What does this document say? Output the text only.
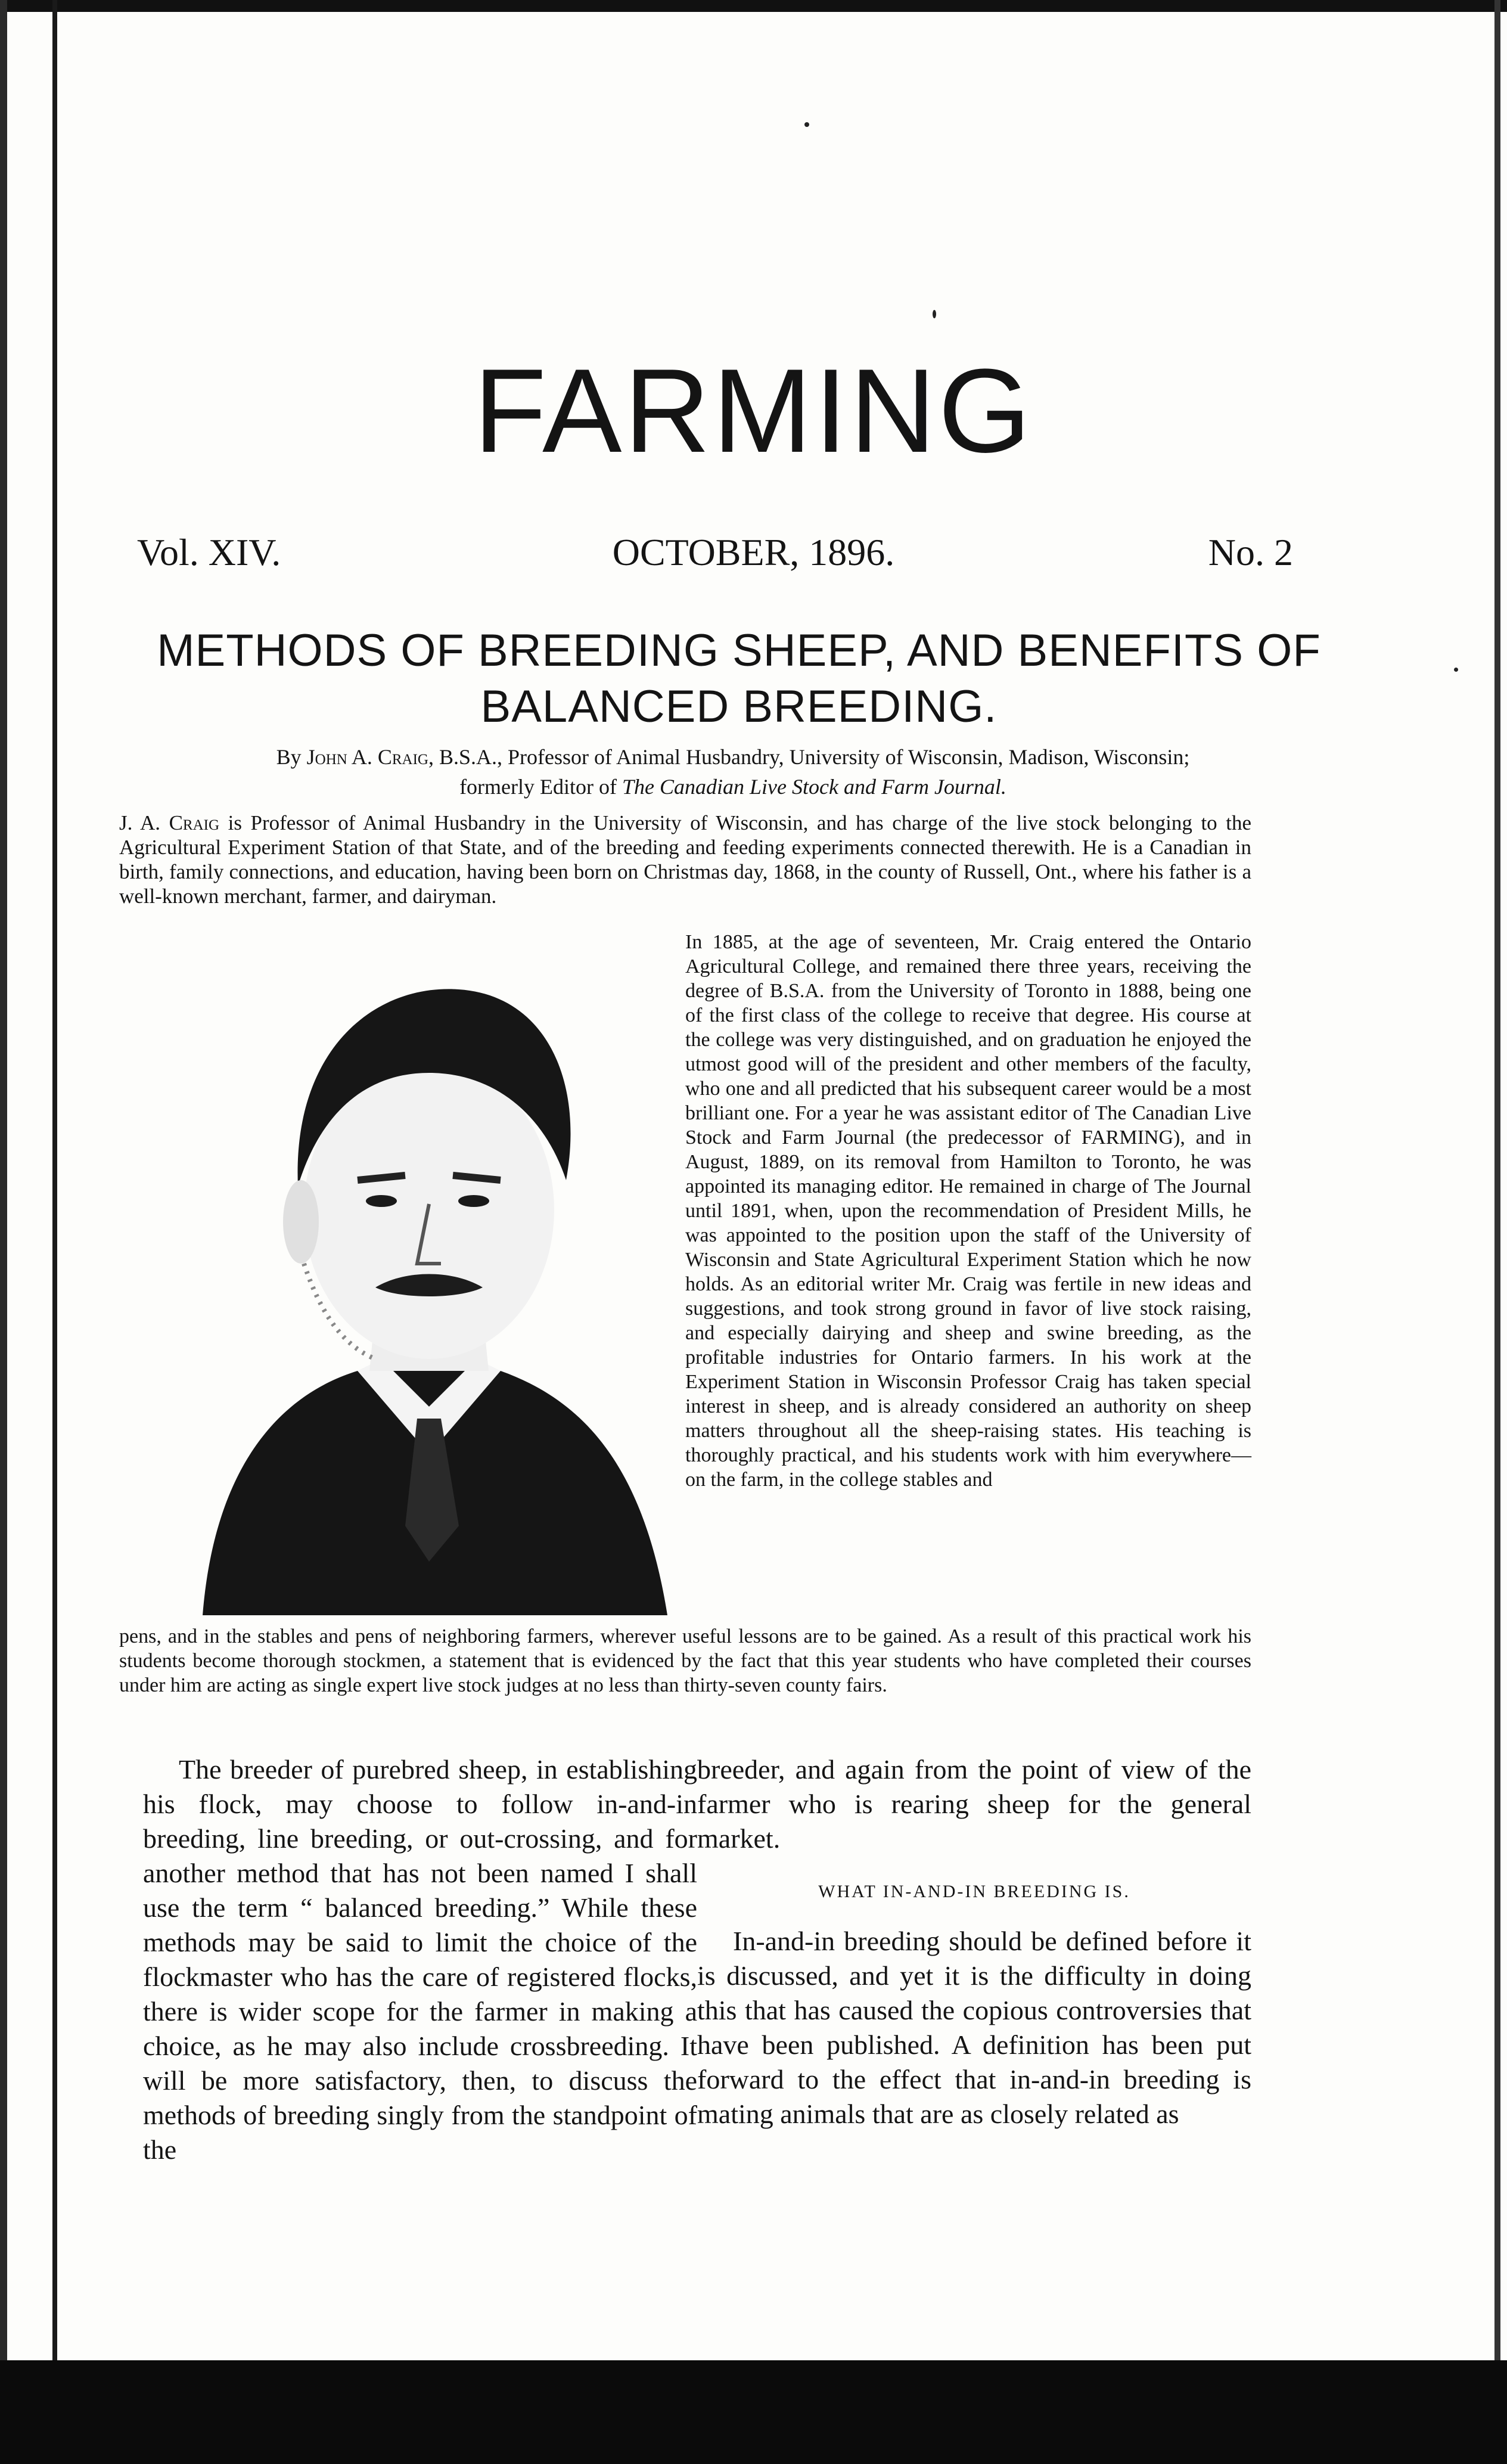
FARMING
Vol. XIV.	OCTOBER, 1896.	No. 2
METHODS OF BREEDING SHEEP, AND BENEFITS OF
BALANCED BREEDING.
By John A. Craig, B.S.A., Professor of Animal Husbandry, University of Wisconsin, Madison, Wisconsin;
formerly Editor of The Canadian Live Stock and Farm Journal.

J. A. Craig is Professor of Animal Husbandry in the University of Wisconsin, and has charge of the live stock belonging to the Agricultural Experiment Station of that State, and of the breeding and feeding experiments connected therewith. He is a Canadian in birth, family connections, and education, having been born on Christmas day, 1868, in the county of Russell, Ont., where his father is a well-known merchant, farmer, and dairyman.

In 1885, at the age of seventeen, Mr. Craig entered the Ontario Agricultural College, and remained there three years, receiving the degree of B.S.A. from the University of Toronto in 1888, being one of the first class of the college to receive that degree. His course at the college was very distinguished, and on graduation he enjoyed the utmost good will of the president and other members of the faculty, who one and all predicted that his subsequent career would be a most brilliant one. For a year he was assistant editor of The Canadian Live Stock and Farm Journal (the predecessor of FARMING), and in August, 1889, on its removal from Hamilton to Toronto, he was appointed its managing editor. He remained in charge of The Journal until 1891, when, upon the recommendation of President Mills, he was appointed to the position upon the staff of the University of Wisconsin and State Agricultural Experiment Station which he now holds. As an editorial writer Mr. Craig was fertile in new ideas and suggestions, and took strong ground in favor of live stock raising, and especially dairying and sheep and swine breeding, as the profitable industries for Ontario farmers. In his work at the Experiment Station in Wisconsin Professor Craig has taken special interest in sheep, and is already considered an authority on sheep matters throughout all the sheep-raising states. His teaching is thoroughly practical, and his students work with him everywhere—on the farm, in the college stables and
pens, and in the stables and pens of neighboring farmers, wherever useful lessons are to be gained. As a result of this practical work his students become thorough stockmen, a statement that is evidenced by the fact that this year students who have completed their courses under him are acting as single expert live stock judges at no less than thirty-seven county fairs.

The breeder of purebred sheep, in establishing his flock, may choose to follow in-and-in breeding, line breeding, or out-crossing, and for another method that has not been named I shall use the term “ balanced breeding.” While these methods may be said to limit the choice of the flockmaster who has the care of registered flocks, there is wider scope for the farmer in making a choice, as he may also include crossbreeding. It will be more satisfactory, then, to discuss the methods of breeding singly from the standpoint of the

breeder, and again from the point of view of the farmer who is rearing sheep for the general market.

WHAT IN-AND-IN BREEDING IS.

In-and-in breeding should be defined before it is discussed, and yet it is the difficulty in doing this that has caused the copious controversies that have been published. A definition has been put forward to the effect that in-and-in breeding is mating animals that are as closely related as
